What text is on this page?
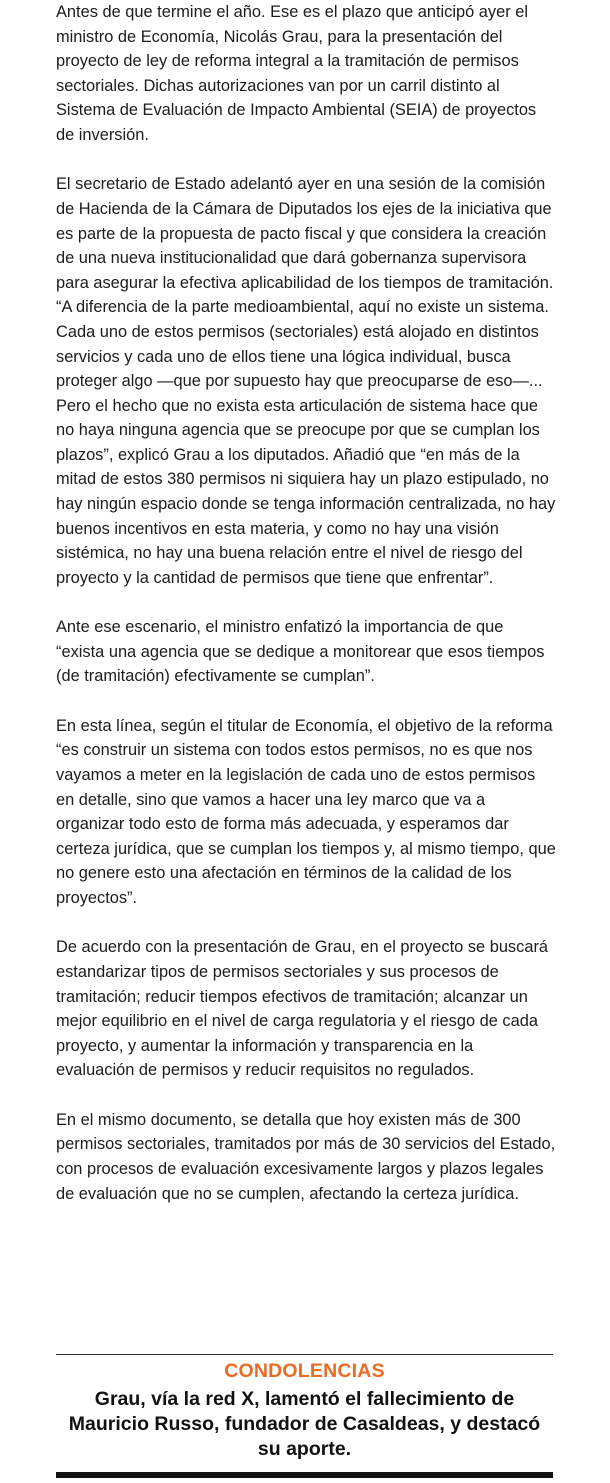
Antes de que termine el año. Ese es el plazo que anticipó ayer el ministro de Economía, Nicolás Grau, para la presentación del proyecto de ley de reforma integral a la tramitación de permisos sectoriales. Dichas autorizaciones van por un carril distinto al Sistema de Evaluación de Impacto Ambiental (SEIA) de proyectos de inversión.

El secretario de Estado adelantó ayer en una sesión de la comisión de Hacienda de la Cámara de Diputados los ejes de la iniciativa que es parte de la propuesta de pacto fiscal y que considera la creación de una nueva institucionalidad que dará gobernanza supervisora para asegurar la efectiva aplicabilidad de los tiempos de tramitación. “A diferencia de la parte medioambiental, aquí no existe un sistema. Cada uno de estos permisos (sectoriales) está alojado en distintos servicios y cada uno de ellos tiene una lógica individual, busca proteger algo —que por supuesto hay que preocuparse de eso—... Pero el hecho que no exista esta articulación de sistema hace que no haya ninguna agencia que se preocupe por que se cumplan los plazos”, explicó Grau a los diputados. Añadió que “en más de la mitad de estos 380 permisos ni siquiera hay un plazo estipulado, no hay ningún espacio donde se tenga información centralizada, no hay buenos incentivos en esta materia, y como no hay una visión sistémica, no hay una buena relación entre el nivel de riesgo del proyecto y la cantidad de permisos que tiene que enfrentar”.

Ante ese escenario, el ministro enfatizó la importancia de que “exista una agencia que se dedique a monitorear que esos tiempos (de tramitación) efectivamente se cumplan”.

En esta línea, según el titular de Economía, el objetivo de la reforma “es construir un sistema con todos estos permisos, no es que nos vayamos a meter en la legislación de cada uno de estos permisos en detalle, sino que vamos a hacer una ley marco que va a organizar todo esto de forma más adecuada, y esperamos dar certeza jurídica, que se cumplan los tiempos y, al mismo tiempo, que no genere esto una afectación en términos de la calidad de los proyectos”.

De acuerdo con la presentación de Grau, en el proyecto se buscará estandarizar tipos de permisos sectoriales y sus procesos de tramitación; reducir tiempos efectivos de tramitación; alcanzar un mejor equilibrio en el nivel de carga regulatoria y el riesgo de cada proyecto, y aumentar la información y transparencia en la evaluación de permisos y reducir requisitos no regulados.

En el mismo documento, se detalla que hoy existen más de 300 permisos sectoriales, tramitados por más de 30 servicios del Estado, con procesos de evaluación excesivamente largos y plazos legales de evaluación que no se cumplen, afectando la certeza jurídica.

CONDOLENCIAS
Grau, vía la red X, lamentó el fallecimiento de Mauricio Russo, fundador de Casaldeas, y destacó su aporte.
